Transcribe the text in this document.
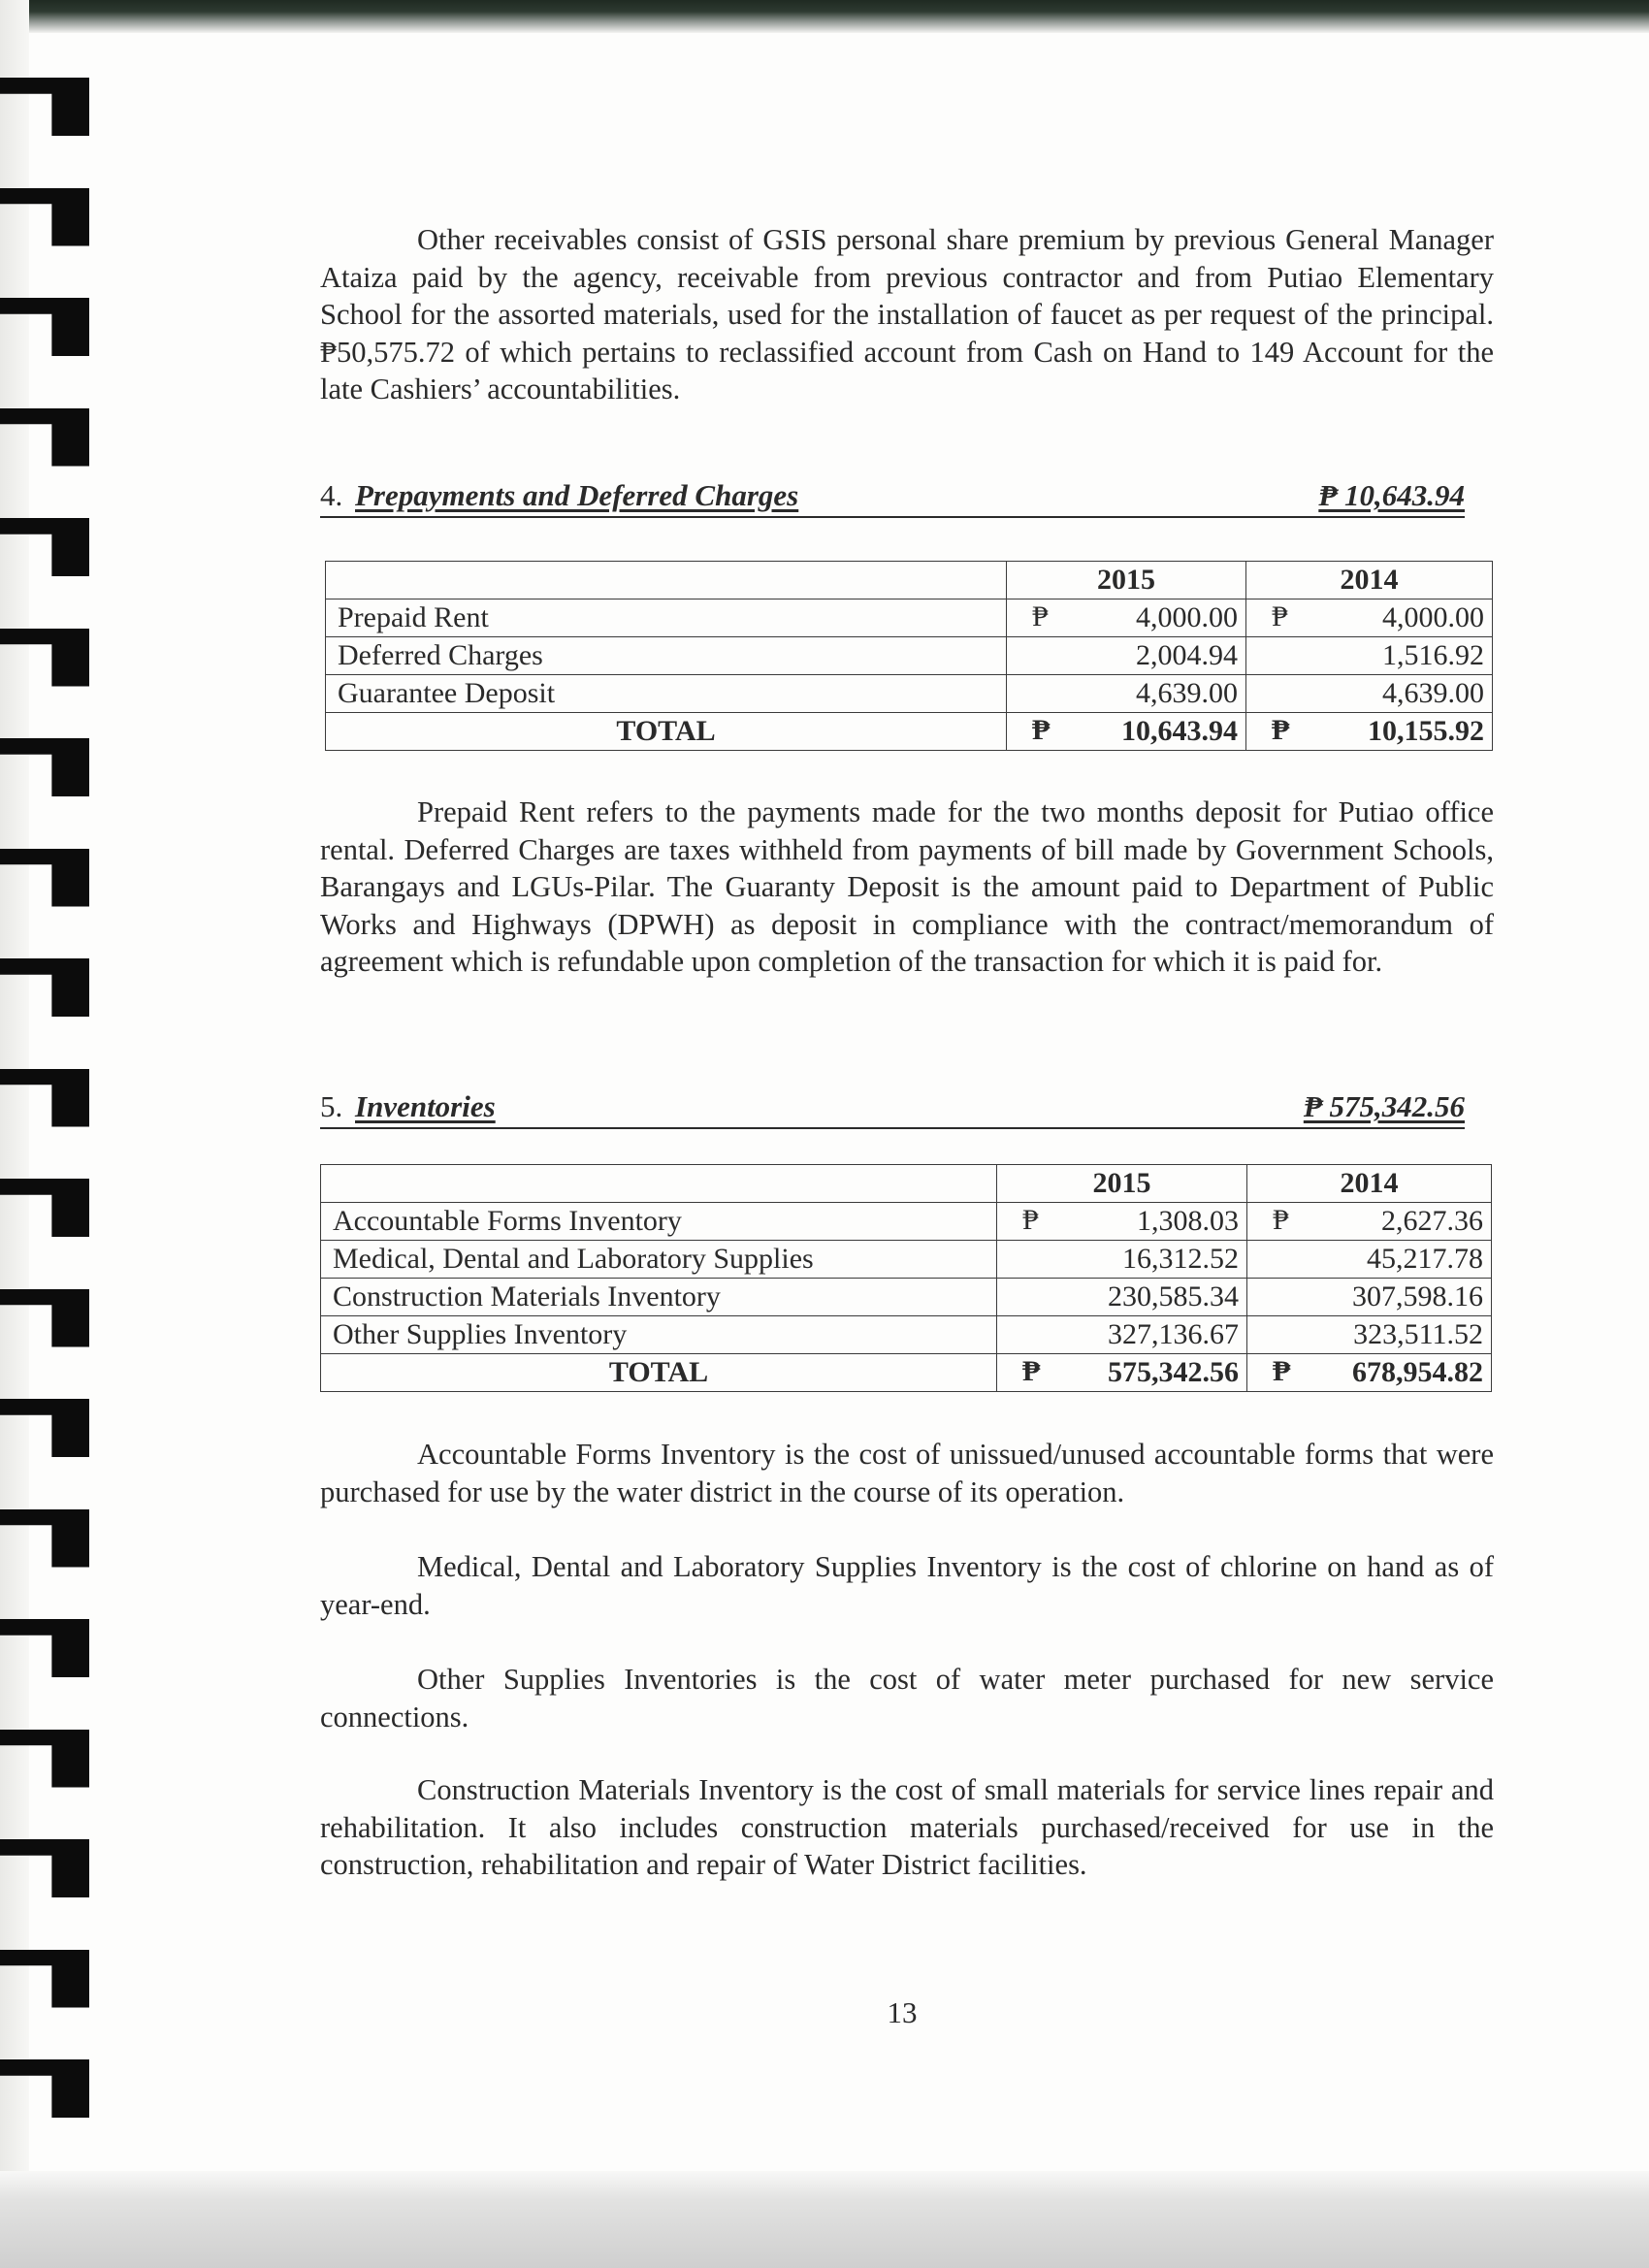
Other receivables consist of GSIS personal share premium by previous General Manager Ataiza paid by the agency, receivable from previous contractor and from Putiao Elementary School for the assorted materials, used for the installation of faucet as per request of the principal. ₱50,575.72 of which pertains to reclassified account from Cash on Hand to 149 Account for the late Cashiers’ accountabilities.

4. Prepayments and Deferred Charges	₱ 10,643.94
	2015	2014
Prepaid Rent	₱ 4,000.00	₱ 4,000.00
Deferred Charges	2,004.94	1,516.92
Guarantee Deposit	4,639.00	4,639.00
TOTAL	₱ 10,643.94	₱ 10,155.92

Prepaid Rent refers to the payments made for the two months deposit for Putiao office rental. Deferred Charges are taxes withheld from payments of bill made by Government Schools, Barangays and LGUs-Pilar. The Guaranty Deposit is the amount paid to Department of Public Works and Highways (DPWH) as deposit in compliance with the contract/memorandum of agreement which is refundable upon completion of the transaction for which it is paid for.

5. Inventories	₱ 575,342.56
	2015	2014
Accountable Forms Inventory	₱ 1,308.03	₱ 2,627.36
Medical, Dental and Laboratory Supplies	16,312.52	45,217.78
Construction Materials Inventory	230,585.34	307,598.16
Other Supplies Inventory	327,136.67	323,511.52
TOTAL	₱ 575,342.56	₱ 678,954.82

Accountable Forms Inventory is the cost of unissued/unused accountable forms that were purchased for use by the water district in the course of its operation.

Medical, Dental and Laboratory Supplies Inventory is the cost of chlorine on hand as of year-end.

Other Supplies Inventories is the cost of water meter purchased for new service connections.

Construction Materials Inventory is the cost of small materials for service lines repair and rehabilitation. It also includes construction materials purchased/received for use in the construction, rehabilitation and repair of Water District facilities.

13
